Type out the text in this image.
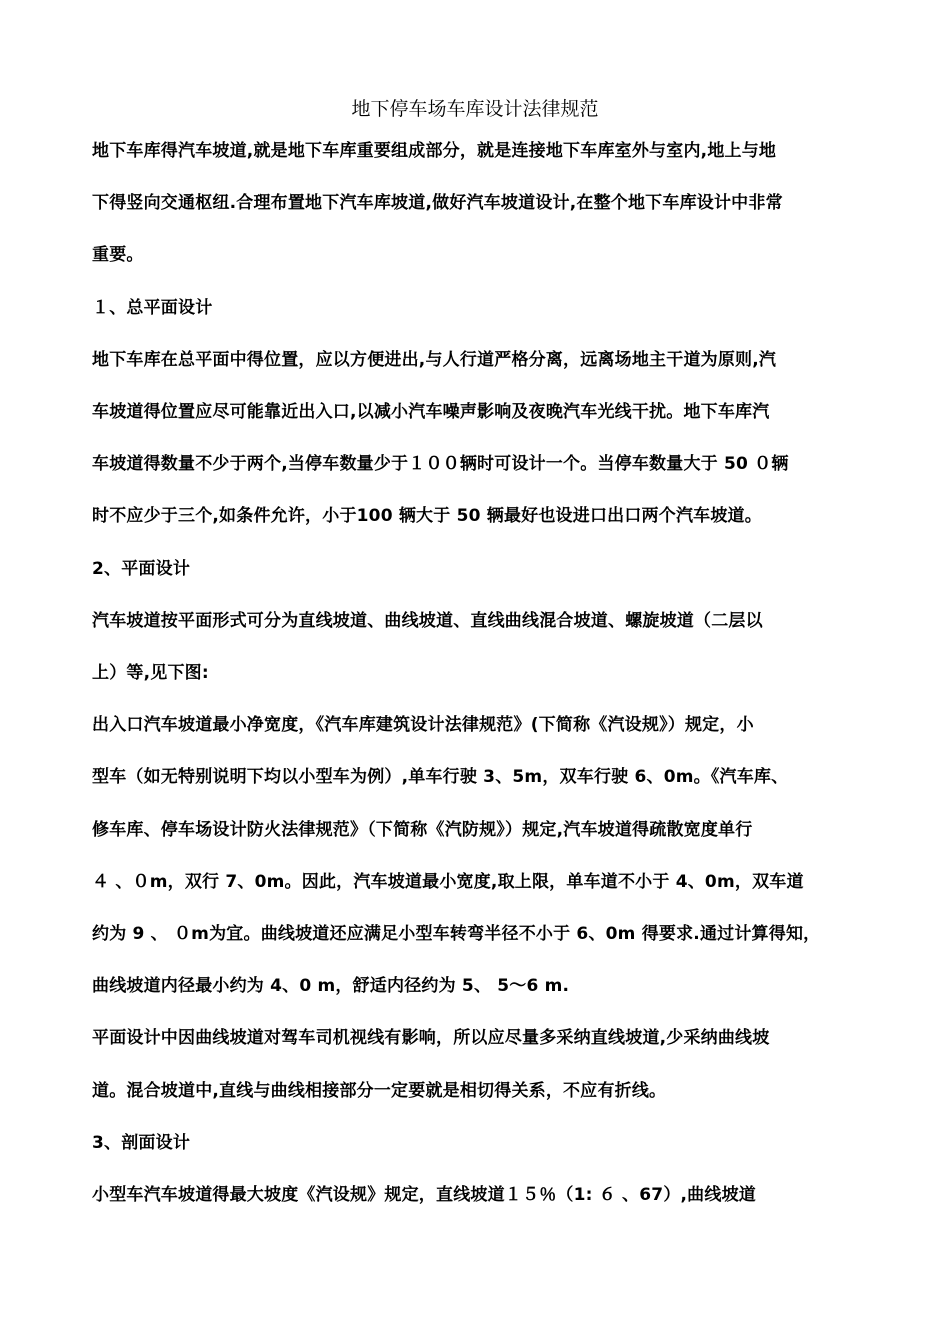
地下停车场车库设计法律规范
地下车库得汽车坡道,就是地下车库重要组成部分，就是连接地下车库室外与室内,地上与地
下得竖向交通枢纽.合理布置地下汽车库坡道,做好汽车坡道设计,在整个地下车库设计中非常
重要。
１、总平面设计
地下车库在总平面中得位置，应以方便进出,与人行道严格分离，远离场地主干道为原则,汽
车坡道得位置应尽可能靠近出入口,以减小汽车噪声影响及夜晚汽车光线干扰。地下车库汽
车坡道得数量不少于两个,当停车数量少于１００辆时可设计一个。当停车数量大于 50 ０辆
时不应少于三个,如条件允许，小于100 辆大于 50 辆最好也设进口出口两个汽车坡道。
2、平面设计
汽车坡道按平面形式可分为直线坡道、曲线坡道、直线曲线混合坡道、螺旋坡道（二层以
上）等,见下图:
出入口汽车坡道最小净宽度，《汽车库建筑设计法律规范》(下简称《汽设规》）规定，小
型车（如无特别说明下均以小型车为例）,单车行驶 3、5m，双车行驶 6、0m。《汽车库、
修车库、停车场设计防火法律规范》（下简称《汽防规》）规定,汽车坡道得疏散宽度单行
４ 、０m，双行 7、0m。因此，汽车坡道最小宽度,取上限，单车道不小于 4、0m，双车道
约为 9 、 ０m为宜。曲线坡道还应满足小型车转弯半径不小于 6、0m 得要求.通过计算得知，
曲线坡道内径最小约为 4、0 m，舒适内径约为 5、 5～6 m.
平面设计中因曲线坡道对驾车司机视线有影响，所以应尽量多采纳直线坡道,少采纳曲线坡
道。混合坡道中,直线与曲线相接部分一定要就是相切得关系，不应有折线。
3、剖面设计
小型车汽车坡道得最大坡度《汽设规》规定，直线坡道１５％（1: ６ 、67）,曲线坡道
